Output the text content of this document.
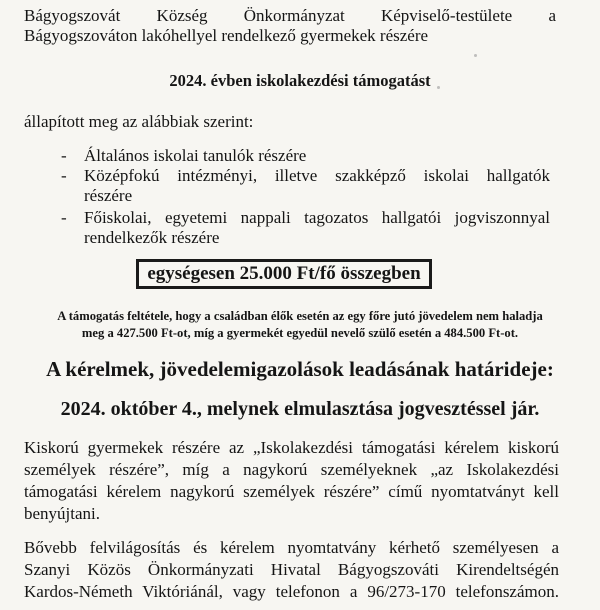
Bágyogszovát Község Önkormányzat Képviselő-testülete a

Bágyogszováton lakóhellyel rendelkező gyermekek részére

2024. évben iskolakezdési támogatást

állapított meg az alábbiak szerint:

- Általános iskolai tanulók részére
- Középfokú intézményi, illetve szakképző iskolai hallgatók
részére
- Főiskolai, egyetemi nappali tagozatos hallgatói jogviszonnyal
rendelkezők részére
egységesen 25.000 Ft/fő összegben
A támogatás feltétele, hogy a családban élők esetén az egy főre jutó jövedelem nem haladja
meg a 427.500 Ft-ot, míg a gyermekét egyedül nevelő szülő esetén a 484.500 Ft-ot.
A kérelmek, jövedelemigazolások leadásának határideje:
2024. október 4., melynek elmulasztása jogvesztéssel jár.

Kiskorú gyermekek részére az „Iskolakezdési támogatási kérelem kiskorú

személyek részére”, míg a nagykorú személyeknek „az Iskolakezdési

támogatási kérelem nagykorú személyek részére” című nyomtatványt kell

benyújtani.

Bővebb felvilágosítás és kérelem nyomtatvány kérhető személyesen a

Szanyi Közös Önkormányzati Hivatal Bágyogszováti Kirendeltségén

Kardos-Németh Viktóriánál, vagy telefonon a 96/273-170 telefonszámon.
